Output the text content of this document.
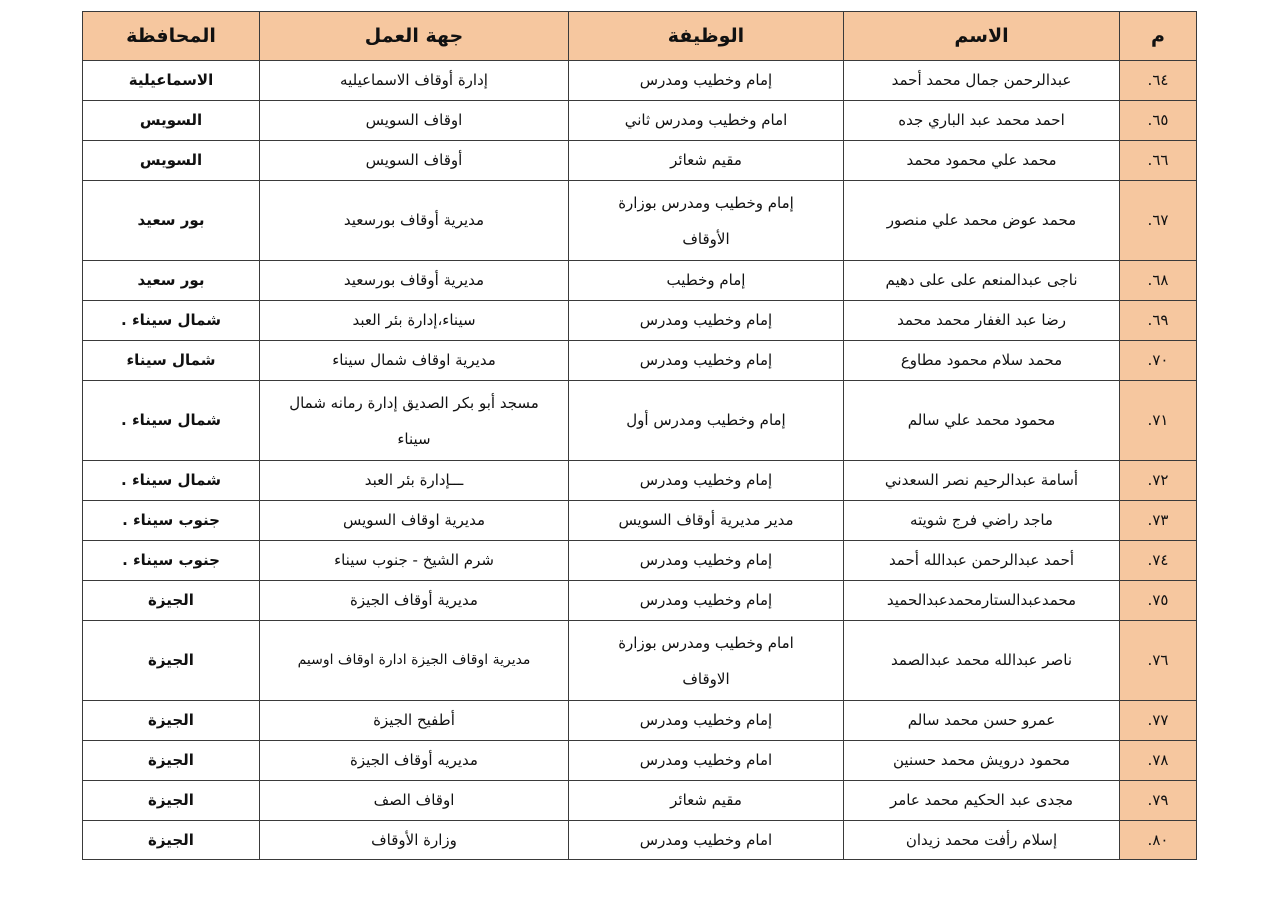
م	الاسم	الوظيفة	جهة العمل	المحافظة
٦٤.	عبدالرحمن جمال محمد أحمد	إمام وخطيب ومدرس	إدارة أوقاف الاسماعيليه	الاسماعيلية
٦٥.	احمد محمد عبد الباري جده	امام وخطيب ومدرس ثاني	اوقاف السويس	السويس
٦٦.	محمد علي محمود محمد	مقيم شعائر	أوقاف السويس	السويس
٦٧.	محمد عوض محمد علي منصور	إمام وخطيب ومدرس بوزارة الأوقاف	مديرية أوقاف بورسعيد	بور سعيد
٦٨.	ناجى عبدالمنعم على على دهيم	إمام وخطيب	مديرية أوقاف بورسعيد	بور سعيد
٦٩.	رضا عبد الغفار محمد محمد	إمام وخطيب ومدرس	سيناء،إدارة بئر العبد	شمال سيناء .
٧٠.	محمد سلام محمود مطاوع	إمام وخطيب ومدرس	مديرية اوقاف شمال سيناء	شمال سيناء
٧١.	محمود محمد علي سالم	إمام وخطيب ومدرس أول	مسجد أبو بكر الصديق إدارة رمانه شمال سيناء	شمال سيناء .
٧٢.	أسامة عبدالرحيم نصر السعدني	إمام وخطيب ومدرس	ـــإدارة بئر العبد	شمال سيناء .
٧٣.	ماجد راضي فرج شويته	مدير مديرية أوقاف السويس	مديرية اوقاف السويس	جنوب سيناء .
٧٤.	أحمد عبدالرحمن عبدالله أحمد	إمام وخطيب ومدرس	شرم الشيخ - جنوب سيناء	جنوب سيناء .
٧٥.	محمدعبدالستارمحمدعبدالحميد	إمام وخطيب ومدرس	مديرية أوقاف الجيزة	الجيزة
٧٦.	ناصر عبدالله محمد عبدالصمد	امام وخطيب ومدرس بوزارة الاوقاف	مديرية اوقاف الجيزة ادارة اوقاف اوسيم	الجيزة
٧٧.	عمرو حسن محمد سالم	إمام وخطيب ومدرس	أطفيح الجيزة	الجيزة
٧٨.	محمود درويش محمد حسنين	امام وخطيب ومدرس	مديريه أوقاف الجيزة	الجيزة
٧٩.	مجدى عبد الحكيم محمد عامر	مقيم شعائر	اوقاف الصف	الجيزة
٨٠.	إسلام رأفت محمد زيدان	امام وخطيب ومدرس	وزارة الأوقاف	الجيزة
